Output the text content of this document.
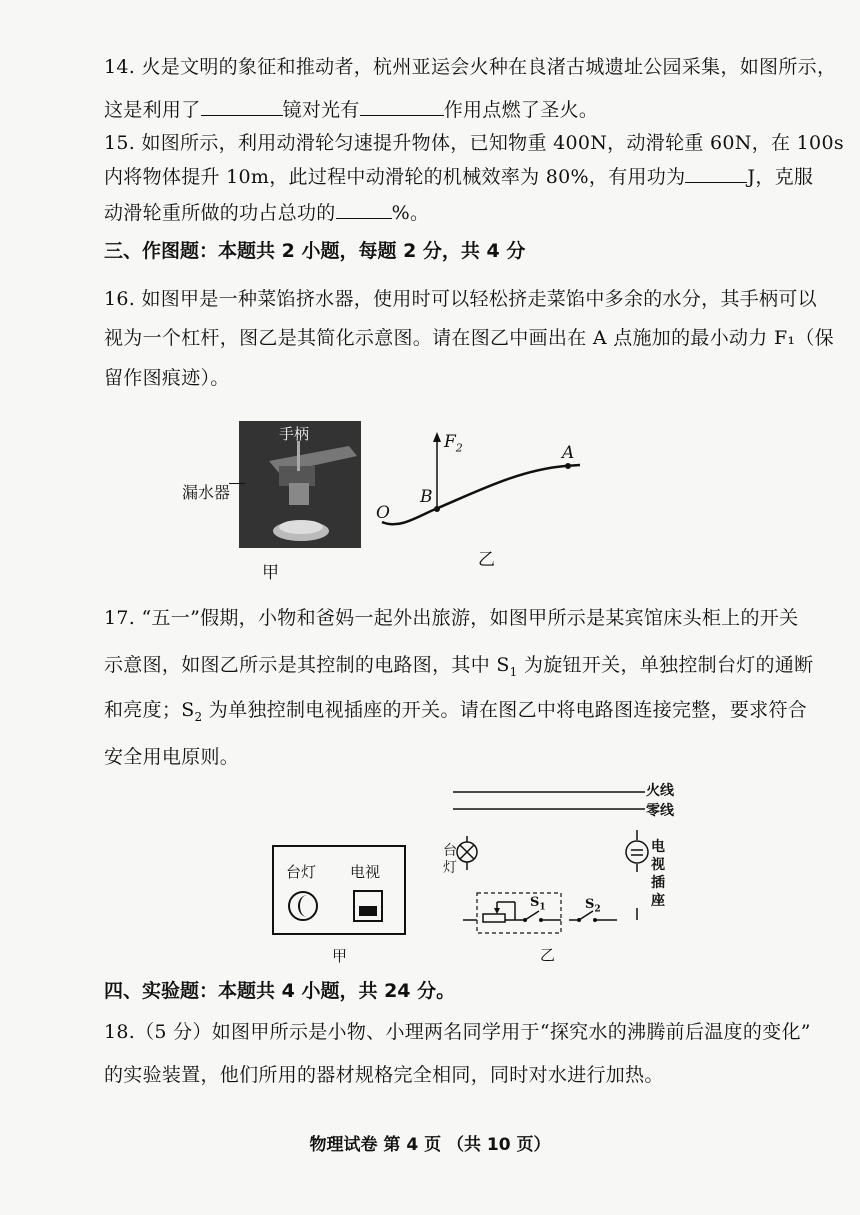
14. 火是文明的象征和推动者，杭州亚运会火种在良渚古城遗址公园采集，如图所示，
这是利用了	镜对光有	作用点燃了圣火。
15. 如图所示，利用动滑轮匀速提升物体，已知物重 400N，动滑轮重 60N，在 100s
内将物体提升 10m，此过程中动滑轮的机械效率为 80%，有用功为	J，克服
动滑轮重所做的功占总功的	%。
三、作图题：本题共 2 小题，每题 2 分，共 4 分
16. 如图甲是一种菜馅挤水器，使用时可以轻松挤走菜馅中多余的水分，其手柄可以
视为一个杠杆，图乙是其简化示意图。请在图乙中画出在 A 点施加的最小动力 F₁（保
留作图痕迹）。
手柄
漏水器
甲
$F_2$	A
B
O
乙
17. “五一”假期，小物和爸妈一起外出旅游，如图甲所示是某宾馆床头柜上的开关
示意图，如图乙所示是其控制的电路图，其中 $S_1$ 为旋钮开关，单独控制台灯的通断
和亮度；$S_2$ 为单独控制电视插座的开关。请在图乙中将电路图连接完整，要求符合
安全用电原则。
台灯 电视
甲
火线
零线
台
灯
电
视
插
座
$S_1$	$S_2$
乙
四、实验题：本题共 4 小题，共 24 分。
18.（5 分）如图甲所示是小物、小理两名同学用于“探究水的沸腾前后温度的变化”
的实验装置，他们所用的器材规格完全相同，同时对水进行加热。
物理试卷 第 4 页 （共 10 页）
